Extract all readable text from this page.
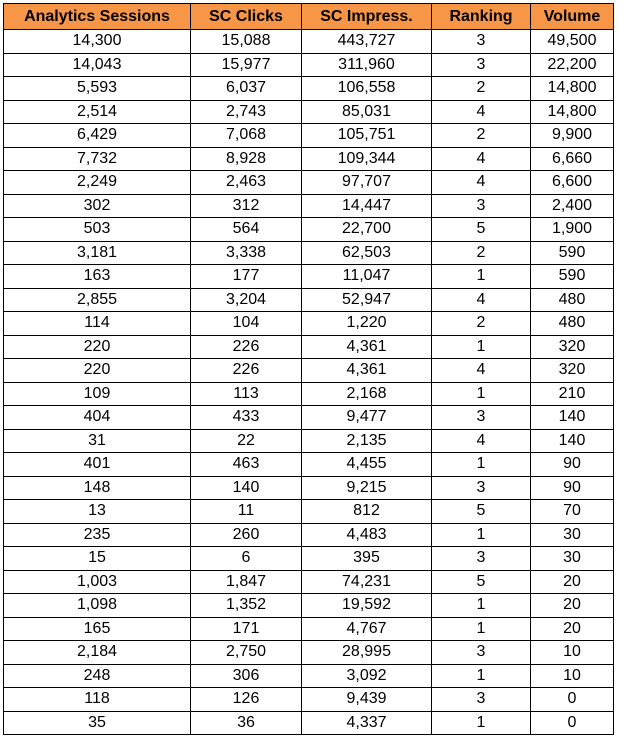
Analytics Sessions	SC Clicks	SC Impress.	Ranking	Volume
14,300	15,088	443,727	3	49,500
14,043	15,977	311,960	3	22,200
5,593	6,037	106,558	2	14,800
2,514	2,743	85,031	4	14,800
6,429	7,068	105,751	2	9,900
7,732	8,928	109,344	4	6,660
2,249	2,463	97,707	4	6,600
302	312	14,447	3	2,400
503	564	22,700	5	1,900
3,181	3,338	62,503	2	590
163	177	11,047	1	590
2,855	3,204	52,947	4	480
114	104	1,220	2	480
220	226	4,361	1	320
220	226	4,361	4	320
109	113	2,168	1	210
404	433	9,477	3	140
31	22	2,135	4	140
401	463	4,455	1	90
148	140	9,215	3	90
13	11	812	5	70
235	260	4,483	1	30
15	6	395	3	30
1,003	1,847	74,231	5	20
1,098	1,352	19,592	1	20
165	171	4,767	1	20
2,184	2,750	28,995	3	10
248	306	3,092	1	10
118	126	9,439	3	0
35	36	4,337	1	0
